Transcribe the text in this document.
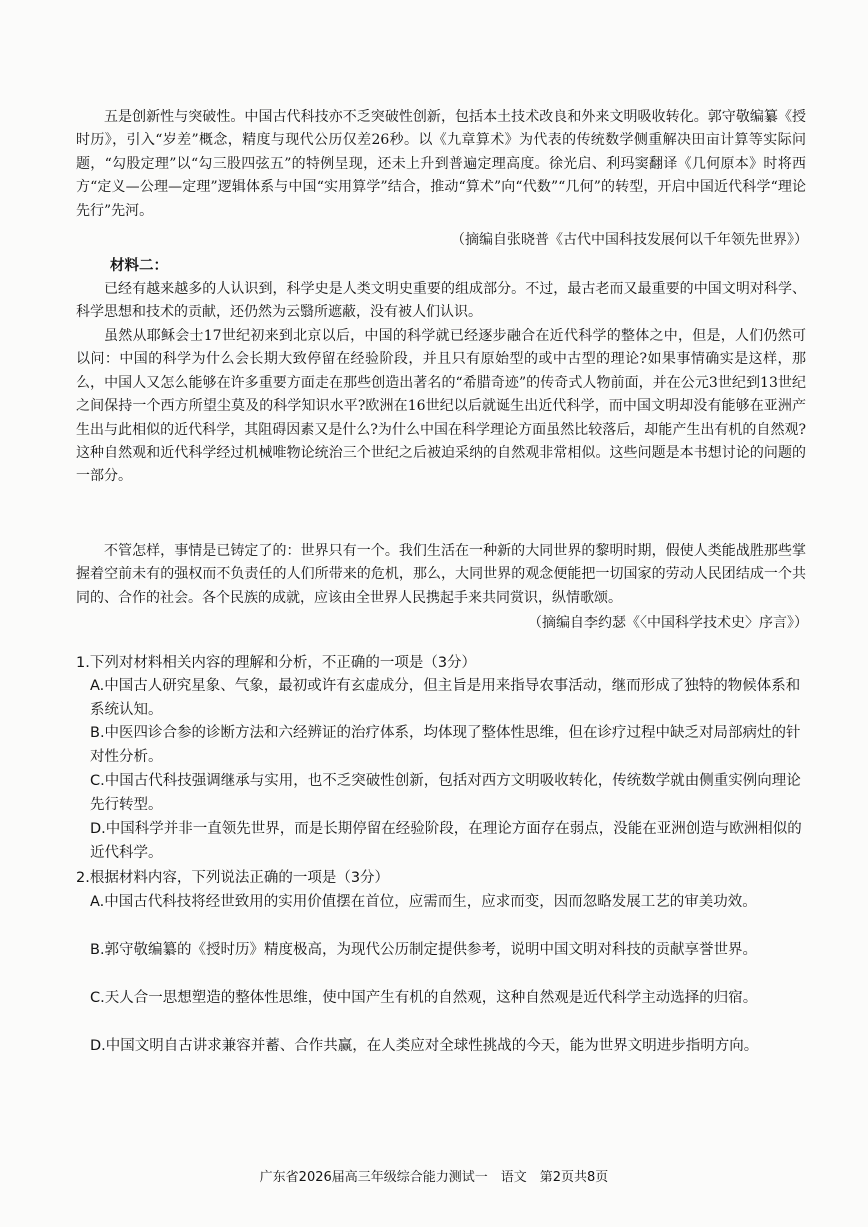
五是创新性与突破性。中国古代科技亦不乏突破性创新，包括本土技术改良和外来文明吸收转化。郭守敬编纂《授时历》，引入“岁差”概念，精度与现代公历仅差26秒。以《九章算术》为代表的传统数学侧重解决田亩计算等实际问题，“勾股定理”以“勾三股四弦五”的特例呈现，还未上升到普遍定理高度。徐光启、利玛窦翻译《几何原本》时将西方“定义—公理—定理”逻辑体系与中国“实用算学”结合，推动“算术”向“代数”“几何”的转型，开启中国近代科学“理论先行”先河。

（摘编自张晓普《古代中国科技发展何以千年领先世界》）

材料二：

已经有越来越多的人认识到，科学史是人类文明史重要的组成部分。不过，最古老而又最重要的中国文明对科学、科学思想和技术的贡献，还仍然为云翳所遮蔽，没有被人们认识。

虽然从耶稣会士17世纪初来到北京以后，中国的科学就已经逐步融合在近代科学的整体之中，但是，人们仍然可以问：中国的科学为什么会长期大致停留在经验阶段，并且只有原始型的或中古型的理论?如果事情确实是这样，那么，中国人又怎么能够在许多重要方面走在那些创造出著名的“希腊奇迹”的传奇式人物前面，并在公元3世纪到13世纪之间保持一个西方所望尘莫及的科学知识水平?欧洲在16世纪以后就诞生出近代科学，而中国文明却没有能够在亚洲产生出与此相似的近代科学，其阻碍因素又是什么?为什么中国在科学理论方面虽然比较落后，却能产生出有机的自然观?这种自然观和近代科学经过机械唯物论统治三个世纪之后被迫采纳的自然观非常相似。这些问题是本书想讨论的问题的一部分。

不管怎样，事情是已铸定了的：世界只有一个。我们生活在一种新的大同世界的黎明时期，假使人类能战胜那些掌握着空前未有的强权而不负责任的人们所带来的危机，那么，大同世界的观念便能把一切国家的劳动人民团结成一个共同的、合作的社会。各个民族的成就，应该由全世界人民携起手来共同赏识，纵情歌颂。

（摘编自李约瑟《〈中国科学技术史〉序言》）

1.下列对材料相关内容的理解和分析，不正确的一项是（3分）

A.中国古人研究星象、气象，最初或许有玄虚成分，但主旨是用来指导农事活动，继而形成了独特的物候体系和系统认知。

B.中医四诊合参的诊断方法和六经辨证的治疗体系，均体现了整体性思维，但在诊疗过程中缺乏对局部病灶的针对性分析。

C.中国古代科技强调继承与实用，也不乏突破性创新，包括对西方文明吸收转化，传统数学就由侧重实例向理论先行转型。

D.中国科学并非一直领先世界，而是长期停留在经验阶段，在理论方面存在弱点，没能在亚洲创造与欧洲相似的近代科学。

2.根据材料内容，下列说法正确的一项是（3分）

A.中国古代科技将经世致用的实用价值摆在首位，应需而生，应求而变，因而忽略发展工艺的审美功效。

B.郭守敬编纂的《授时历》精度极高，为现代公历制定提供参考，说明中国文明对科技的贡献享誉世界。

C.天人合一思想塑造的整体性思维，使中国产生有机的自然观，这种自然观是近代科学主动选择的归宿。

D.中国文明自古讲求兼容并蓄、合作共赢，在人类应对全球性挑战的今天，能为世界文明进步指明方向。

广东省2026届高三年级综合能力测试一　语文　第2页共8页
